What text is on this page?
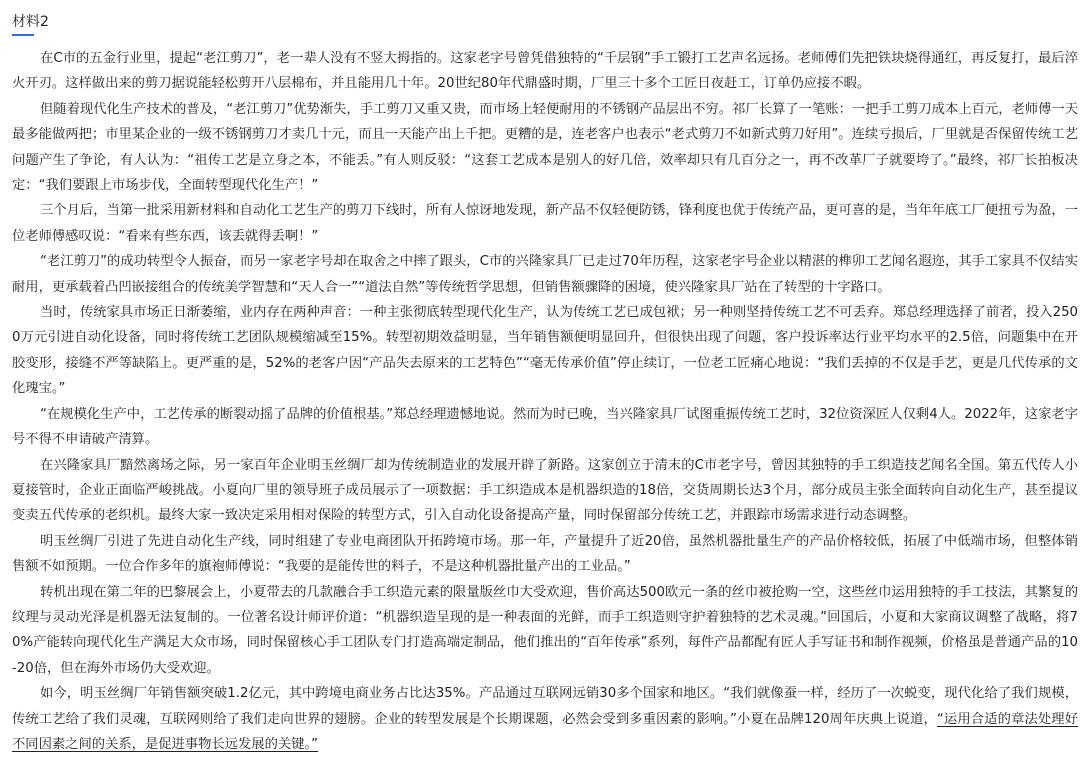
材料2

在C市的五金行业里，提起“老江剪刀”，老一辈人没有不竖大拇指的。这家老字号曾凭借独特的“千层钢”手工锻打工艺声名远扬。老师傅们先把铁块烧得通红，再反复打，最后淬火开刃。这样做出来的剪刀据说能轻松剪开八层棉布，并且能用几十年。20世纪80年代鼎盛时期，厂里三十多个工匠日夜赶工，订单仍应接不暇。

但随着现代化生产技术的普及，“老江剪刀”优势渐失，手工剪刀又重又贵，而市场上轻便耐用的不锈钢产品层出不穷。祁厂长算了一笔账：一把手工剪刀成本上百元，老师傅一天最多能做两把；市里某企业的一级不锈钢剪刀才卖几十元，而且一天能产出上千把。更糟的是，连老客户也表示“老式剪刀不如新式剪刀好用”。连续亏损后，厂里就是否保留传统工艺问题产生了争论，有人认为：“祖传工艺是立身之本，不能丢。”有人则反驳：“这套工艺成本是别人的好几倍，效率却只有几百分之一，再不改革厂子就要垮了。”最终，祁厂长拍板决定：“我们要跟上市场步伐，全面转型现代化生产！”

三个月后，当第一批采用新材料和自动化工艺生产的剪刀下线时，所有人惊讶地发现，新产品不仅轻便防锈，锋利度也优于传统产品，更可喜的是，当年年底工厂便扭亏为盈，一位老师傅感叹说：“看来有些东西，该丢就得丢啊！”

“老江剪刀”的成功转型令人振奋，而另一家老字号却在取舍之中摔了跟头，C市的兴隆家具厂已走过70年历程，这家老字号企业以精湛的榫卯工艺闻名遐迩，其手工家具不仅结实耐用，更承载着凸凹嵌接组合的传统美学智慧和“天人合一”“道法自然”等传统哲学思想，但销售额骤降的困境，使兴隆家具厂站在了转型的十字路口。

当时，传统家具市场正日渐萎缩，业内存在两种声音：一种主张彻底转型现代化生产，认为传统工艺已成包袱；另一种则坚持传统工艺不可丢弃。郑总经理选择了前者，投入2500万元引进自动化设备，同时将传统工艺团队规模缩减至15%。转型初期效益明显，当年销售额便明显回升，但很快出现了问题，客户投诉率达行业平均水平的2.5倍，问题集中在开胶变形，接缝不严等缺陷上。更严重的是，52%的老客户因“产品失去原来的工艺特色”“毫无传承价值”停止续订，一位老工匠痛心地说：“我们丢掉的不仅是手艺，更是几代传承的文化瑰宝。”

“在规模化生产中，工艺传承的断裂动摇了品牌的价值根基。”郑总经理遗憾地说。然而为时已晚，当兴隆家具厂试图重振传统工艺时，32位资深匠人仅剩4人。2022年，这家老字号不得不申请破产清算。

在兴隆家具厂黯然离场之际，另一家百年企业明玉丝绸厂却为传统制造业的发展开辟了新路。这家创立于清末的C市老字号，曾因其独特的手工织造技艺闻名全国。第五代传人小夏接管时，企业正面临严峻挑战。小夏向厂里的领导班子成员展示了一项数据：手工织造成本是机器织造的18倍，交货周期长达3个月，部分成员主张全面转向自动化生产，甚至提议变卖五代传承的老织机。最终大家一致决定采用相对保险的转型方式，引入自动化设备提高产量，同时保留部分传统工艺，并跟踪市场需求进行动态调整。

明玉丝绸厂引进了先进自动化生产线，同时组建了专业电商团队开拓跨境市场。那一年，产量提升了近20倍，虽然机器批量生产的产品价格较低，拓展了中低端市场，但整体销售额不如预期。一位合作多年的旗袍师傅说：“我要的是能传世的料子，不是这种机器批量产出的工业品。”

转机出现在第二年的巴黎展会上，小夏带去的几款融合手工织造元素的限量版丝巾大受欢迎，售价高达500欧元一条的丝巾被抢购一空，这些丝巾运用独特的手工技法，其繁复的纹理与灵动光泽是机器无法复制的。一位著名设计师评价道：“机器织造呈现的是一种表面的光鲜，而手工织造则守护着独特的艺术灵魂。”回国后，小夏和大家商议调整了战略，将70%产能转向现代化生产满足大众市场，同时保留核心手工团队专门打造高端定制品，他们推出的“百年传承”系列，每件产品都配有匠人手写证书和制作视频，价格虽是普通产品的10-20倍，但在海外市场仍大受欢迎。

如今，明玉丝绸厂年销售额突破1.2亿元，其中跨境电商业务占比达35%。产品通过互联网远销30多个国家和地区。“我们就像蚕一样，经历了一次蜕变，现代化给了我们规模，传统工艺给了我们灵魂，互联网则给了我们走向世界的翅膀。企业的转型发展是个长期课题，必然会受到多重因素的影响。”小夏在品牌120周年庆典上说道，“运用合适的章法处理好不同因素之间的关系，是促进事物长远发展的关键。”
